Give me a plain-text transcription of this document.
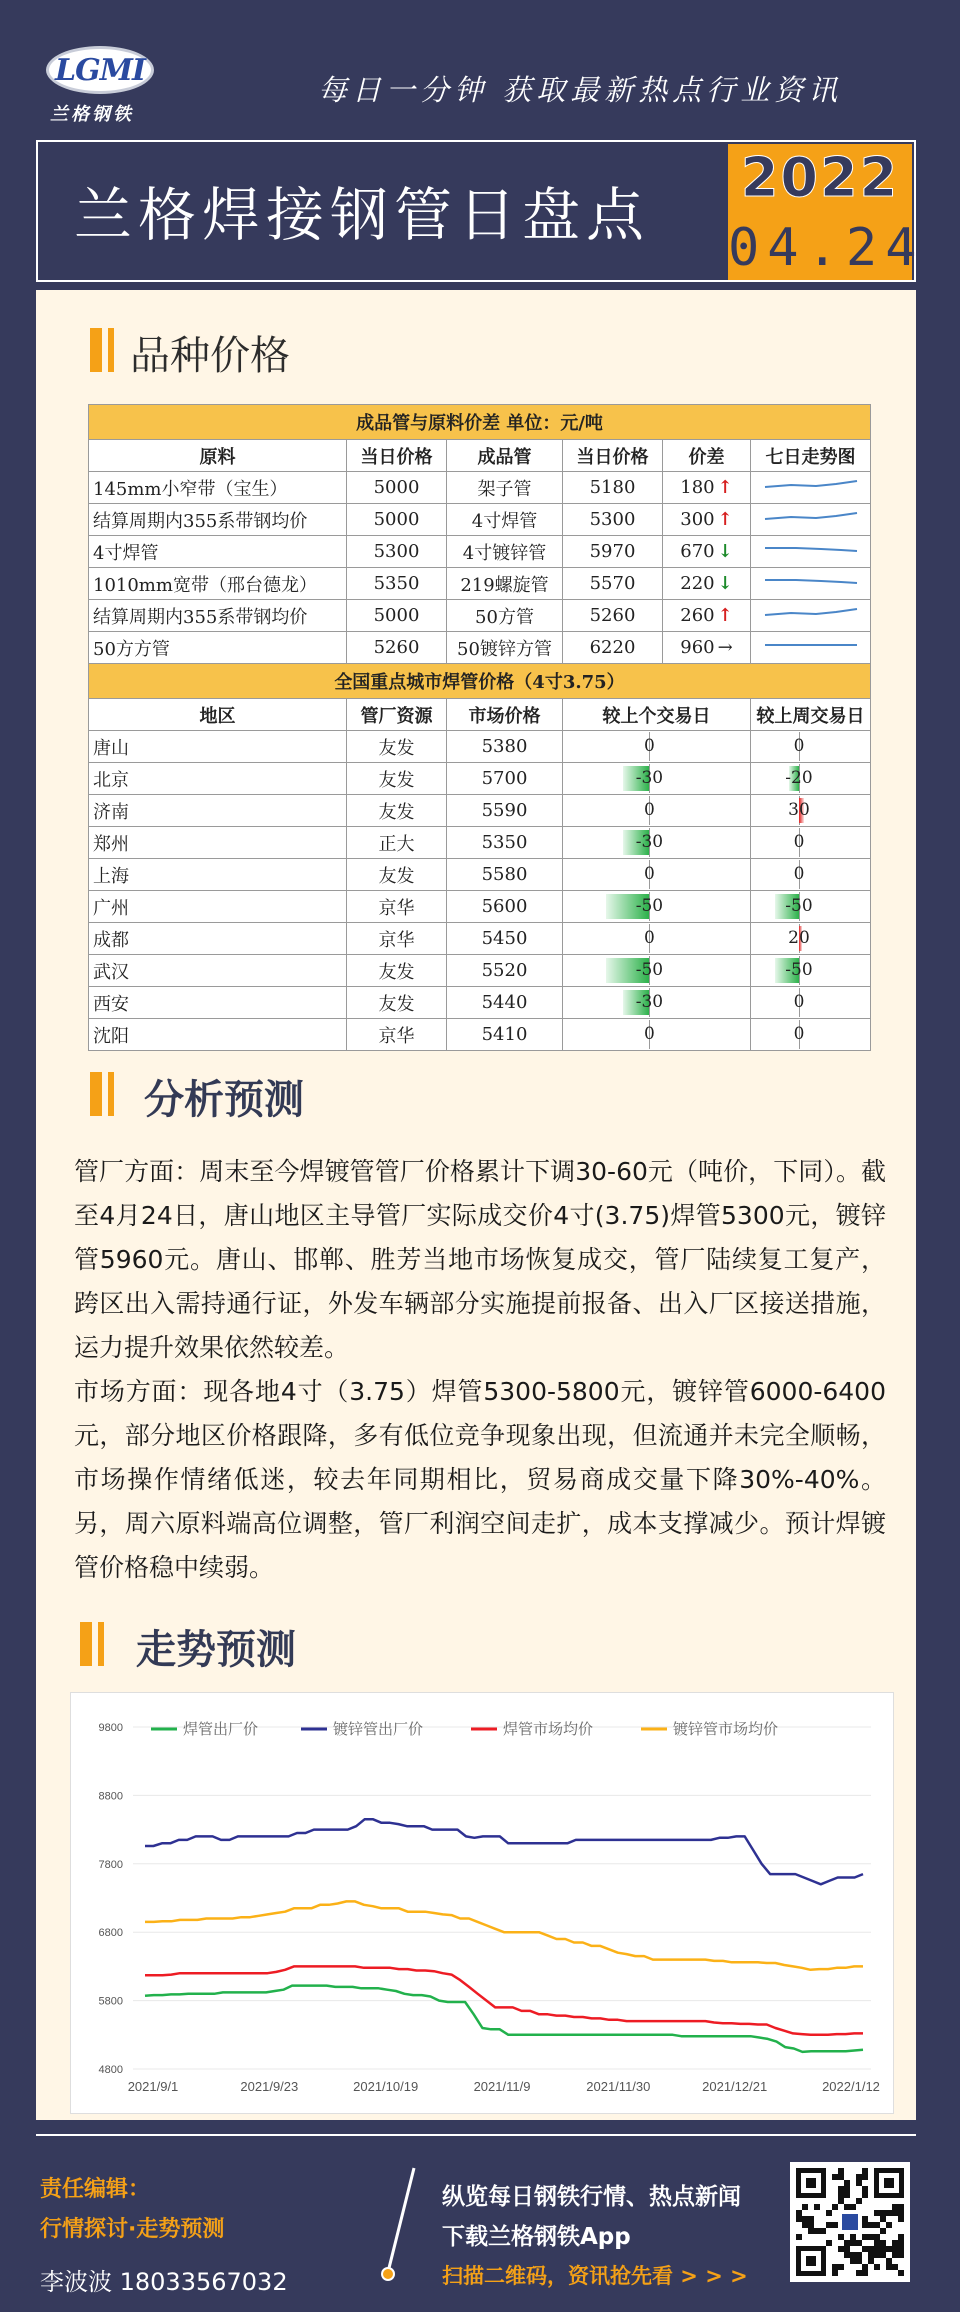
LGMI
兰格钢铁
每日一分钟 获取最新热点行业资讯
兰格焊接钢管日盘点
2022
04.24
品种价格
成品管与原料价差 单位：元/吨					
原料	当日价格	成品管	当日价格	价差	七日走势图
145mm小窄带（宝生）	5000	架子管	5180	180 ↑	
结算周期内355系带钢均价	5000	4寸焊管	5300	300 ↑	
4寸焊管	5300	4寸镀锌管	5970	670 ↓	
1010mm宽带（邢台德龙）	5350	219螺旋管	5570	220 ↓	
结算周期内355系带钢均价	5000	50方管	5260	260 ↑	
50方方管	5260	50镀锌方管	6220	960 →	
全国重点城市焊管价格（4寸3.75）					
地区	管厂资源	市场价格	较上个交易日		较上周交易日
唐山	友发	5380	0		0

北京	友发	5700	-30		-20

济南	友发	5590	0		30

郑州	正大	5350	-30		0

上海	友发	5580	0		0

广州	京华	5600	-50		-50

成都	京华	5450	0		20

武汉	友发	5520	-50		-50

西安	友发	5440	-30		0

沈阳	京华	5410	0		0
分析预测
管厂方面：周末至今焊镀管管厂价格累计下调30-60元（吨价，下同）。截至4月24日，唐山地区主导管厂实际成交价4寸(3.75)焊管5300元，镀锌管5960元。唐山、邯郸、胜芳当地市场恢复成交，管厂陆续复工复产，跨区出入需持通行证，外发车辆部分实施提前报备、出入厂区接送措施，运力提升效果依然较差。
市场方面：现各地4寸（3.75）焊管5300-5800元，镀锌管6000-6400元，部分地区价格跟降，多有低位竞争现象出现，但流通并未完全顺畅，市场操作情绪低迷，较去年同期相比，贸易商成交量下降30%-40%。另，周六原料端高位调整，管厂利润空间走扩，成本支撑减少。预计焊镀管价格稳中续弱。
走势预测
9800
8800
7800
6800
5800
4800
2021/9/1	2021/9/23	2021/10/19	2021/11/9	2021/11/30	2021/12/21	2022/1/12
焊管出厂价	镀锌管出厂价	焊管市场均价	镀锌管市场均价
责任编辑：
行情探讨·走势预测
李波波 18033567032
纵览每日钢铁行情、热点新闻
下载兰格钢铁App
扫描二维码，资讯抢先看 > > >
